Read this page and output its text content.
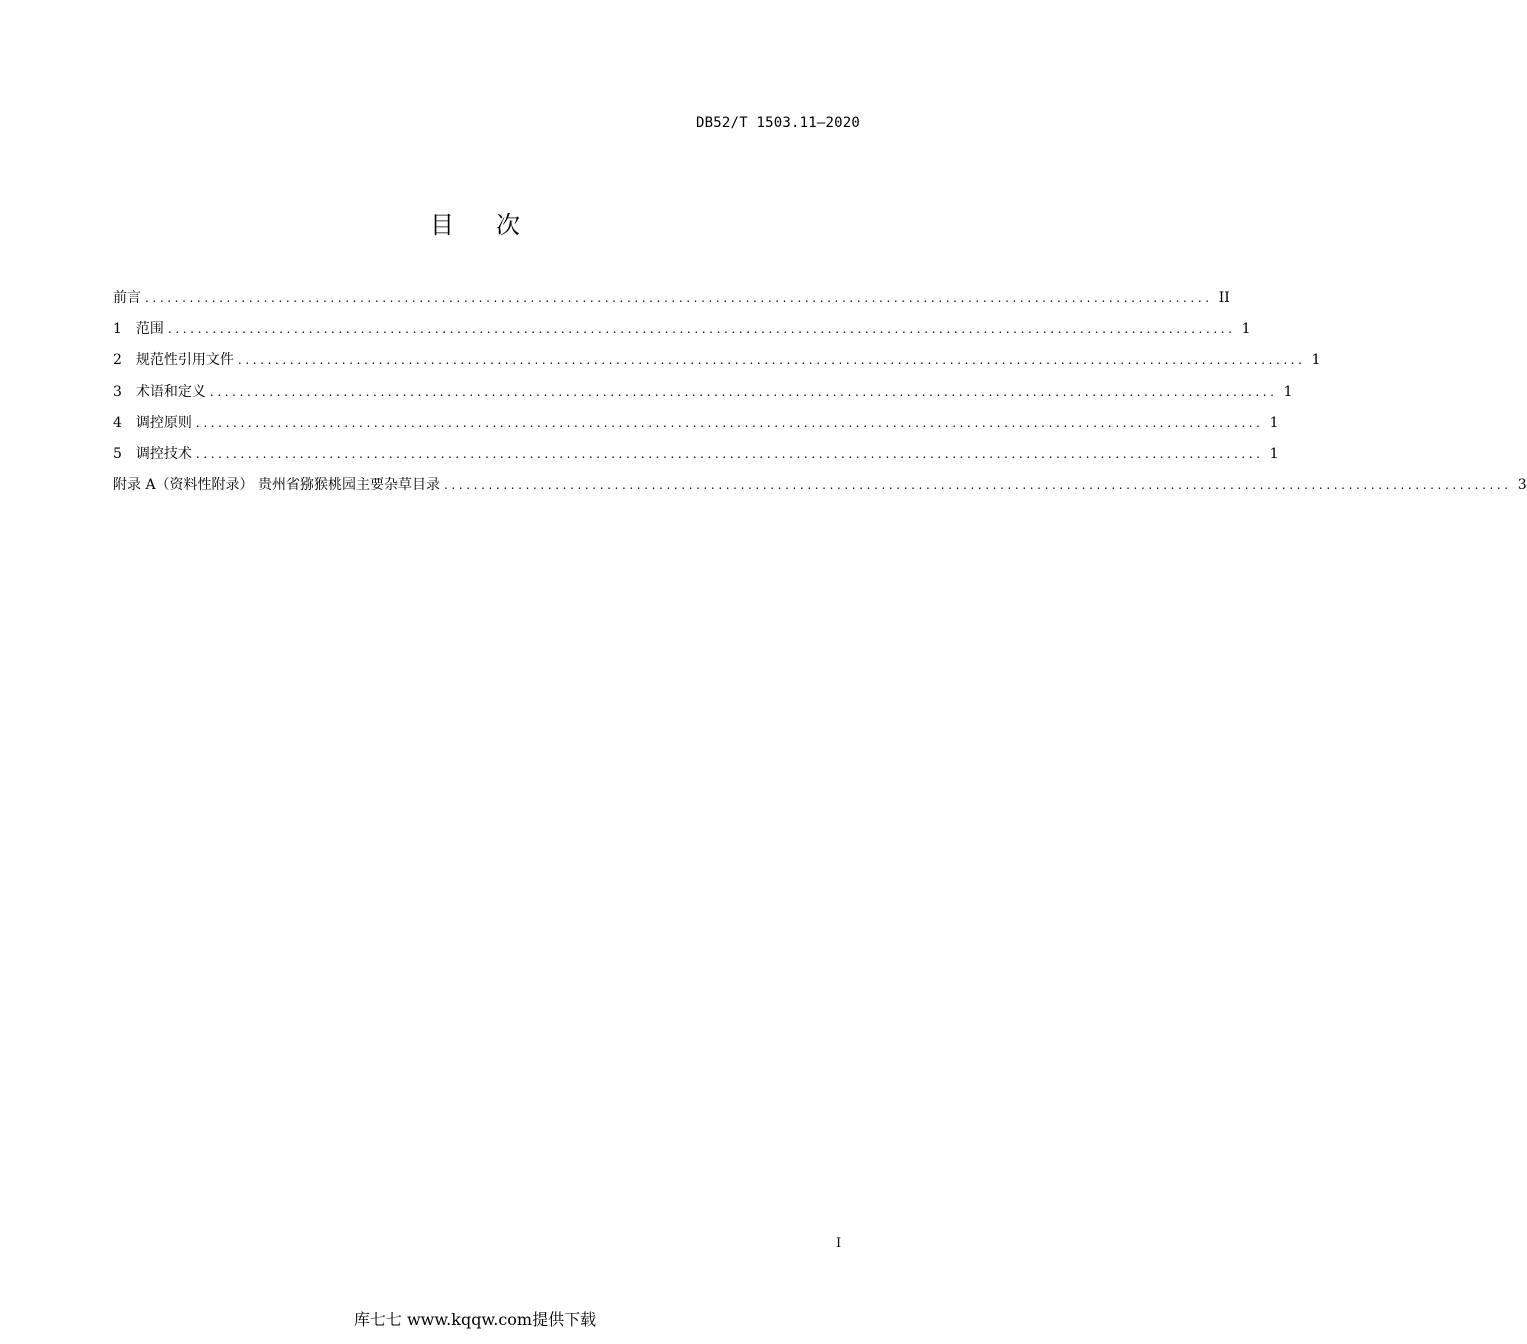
DB52/T 1503.11—2020
目 次
前言 ................................................................................................................................................ II
1 范围 ................................................................................................................................................ 1
2 规范性引用文件 ................................................................................................................................................ 1
3 术语和定义 ................................................................................................................................................ 1
4 调控原则 ................................................................................................................................................ 1
5 调控技术 ................................................................................................................................................ 1
附录 A（资料性附录） 贵州省猕猴桃园主要杂草目录 ................................................................................................................................................ 3
I
库七七 www.kqqw.com提供下载
